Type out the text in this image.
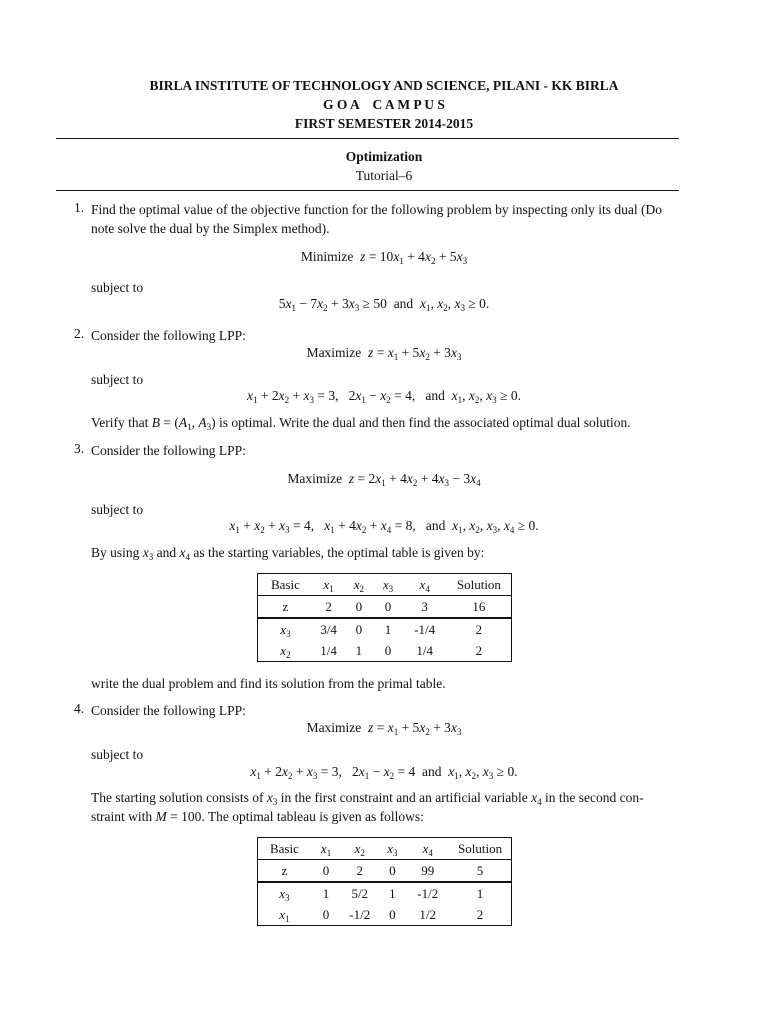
BIRLA INSTITUTE OF TECHNOLOGY AND SCIENCE, PILANI - KK BIRLA
G O A    C A M P U S
FIRST SEMESTER 2014-2015
Optimization
Tutorial–6
1. Find the optimal value of the objective function for the following problem by inspecting only its dual (Do note solve the dual by the Simplex method).
Minimize $z = 10x_1 + 4x_2 + 5x_3$
subject to
$5x_1 - 7x_2 + 3x_3 \ge 50$  and $x_1$, $x_2$, $x_3 \ge 0$.
2. Consider the following LPP:
Maximize $z = x_1 + 5x_2 + 3x_3$
subject to
$x_1 + 2x_2 + x_3 = 3$,   $2x_1 - x_2 = 4$,   and $x_1$, $x_2$, $x_3 \ge 0$.
Verify that $B = (A_1$, $A_3$) is optimal. Write the dual and then find the associated optimal dual solution.
3. Consider the following LPP:
Maximize $z = 2x_1 + 4x_2 + 4x_3 - 3x_4$
subject to
$x_1 + x_2 + x_3 = 4$,   $x_1 + 4x_2 + x_4 = 8$,   and $x_1$, $x_2$, $x_3$, $x_4 \ge 0$.
By using $x_3$ and $x_4$ as the starting variables, the optimal table is given by:
Basic	$x_1$	$x_2$	$x_3$	$x_4$	Solution
z	2	0	0	3	16
$x_3$	3/4	0	1	-1/4	2
$x_2$	1/4	1	0	1/4	2
write the dual problem and find its solution from the primal table.
4. Consider the following LPP:
Maximize $z = x_1 + 5x_2 + 3x_3$
subject to
$x_1 + 2x_2 + x_3 = 3$,   $2x_1 - x_2 = 4$  and $x_1$, $x_2$, $x_3 \ge 0$.
The starting solution consists of $x_3$ in the first constraint and an artificial variable $x_4$ in the second con-
straint with M = 100. The optimal tableau is given as follows:
Basic	$x_1$	$x_2$	$x_3$	$x_4$	Solution
z	0	2	0	99	5
$x_3$	1	5/2	1	-1/2	1
$x_1$	0	-1/2	0	1/2	2
